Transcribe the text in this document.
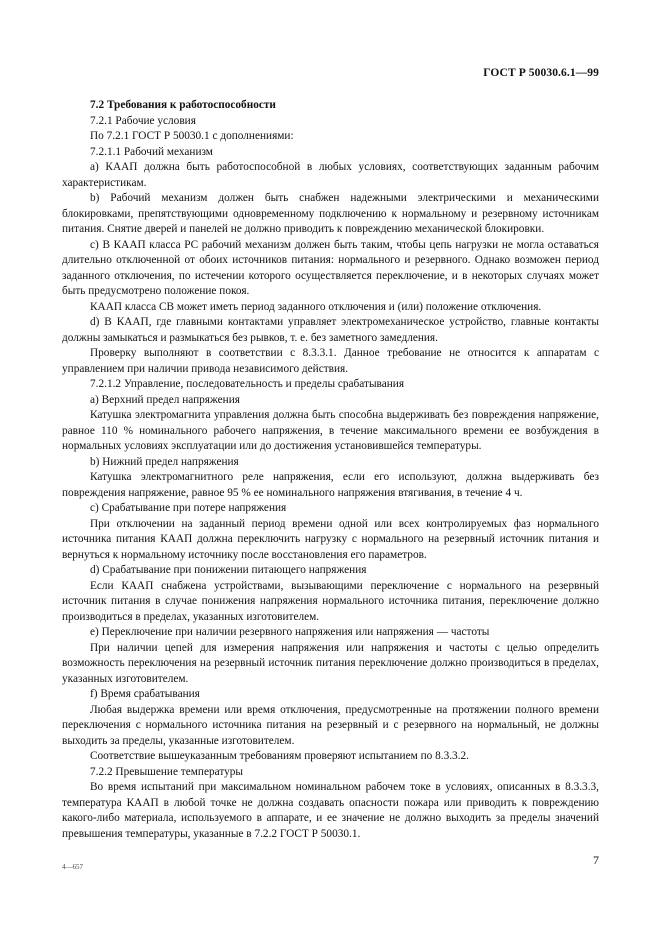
ГОСТ Р 50030.6.1—99

7.2 Требования к работоспособности

7.2.1 Рабочие условия

По 7.2.1 ГОСТ Р 50030.1 с дополнениями:

7.2.1.1 Рабочий механизм

a) КААП должна быть работоспособной в любых условиях, соответствующих заданным рабочим характеристикам.

b) Рабочий механизм должен быть снабжен надежными электрическими и механическими блокировками, препятствующими одновременному подключению к нормальному и резервному источникам питания. Снятие дверей и панелей не должно приводить к повреждению механической блокировки.

c) В КААП класса PC рабочий механизм должен быть таким, чтобы цепь нагрузки не могла оставаться длительно отключенной от обоих источников питания: нормального и резервного. Однако возможен период заданного отключения, по истечении которого осуществляется переключение, и в некоторых случаях может быть предусмотрено положение покоя.

КААП класса СВ может иметь период заданного отключения и (или) положение отключения.

d) В КААП, где главными контактами управляет электромеханическое устройство, главные контакты должны замыкаться и размыкаться без рывков, т. е. без заметного замедления.

Проверку выполняют в соответствии с 8.3.3.1. Данное требование не относится к аппаратам с управлением при наличии привода независимого действия.

7.2.1.2 Управление, последовательность и пределы срабатывания

a) Верхний предел напряжения

Катушка электромагнита управления должна быть способна выдерживать без повреждения напряжение, равное 110 % номинального рабочего напряжения, в течение максимального времени ее возбуждения в нормальных условиях эксплуатации или до достижения установившейся температуры.

b) Нижний предел напряжения

Катушка электромагнитного реле напряжения, если его используют, должна выдерживать без повреждения напряжение, равное 95 % ее номинального напряжения втягивания, в течение 4 ч.

c) Срабатывание при потере напряжения

При отключении на заданный период времени одной или всех контролируемых фаз нормального источника питания КААП должна переключить нагрузку с нормального на резервный источник питания и вернуться к нормальному источнику после восстановления его параметров.

d) Срабатывание при понижении питающего напряжения

Если КААП снабжена устройствами, вызывающими переключение с нормального на резервный источник питания в случае понижения напряжения нормального источника питания, переключение должно производиться в пределах, указанных изготовителем.

e) Переключение при наличии резервного напряжения или напряжения — частоты

При наличии цепей для измерения напряжения или напряжения и частоты с целью определить возможность переключения на резервный источник питания переключение должно производиться в пределах, указанных изготовителем.

f) Время срабатывания

Любая выдержка времени или время отключения, предусмотренные на протяжении полного времени переключения с нормального источника питания на резервный и с резервного на нормальный, не должны выходить за пределы, указанные изготовителем.

Соответствие вышеуказанным требованиям проверяют испытанием по 8.3.3.2.

7.2.2 Превышение температуры

Во время испытаний при максимальном номинальном рабочем токе в условиях, описанных в 8.3.3.3, температура КААП в любой точке не должна создавать опасности пожара или приводить к повреждению какого-либо материала, используемого в аппарате, и ее значение не должно выходить за пределы значений превышения температуры, указанные в 7.2.2 ГОСТ Р 50030.1.

4—657	7
